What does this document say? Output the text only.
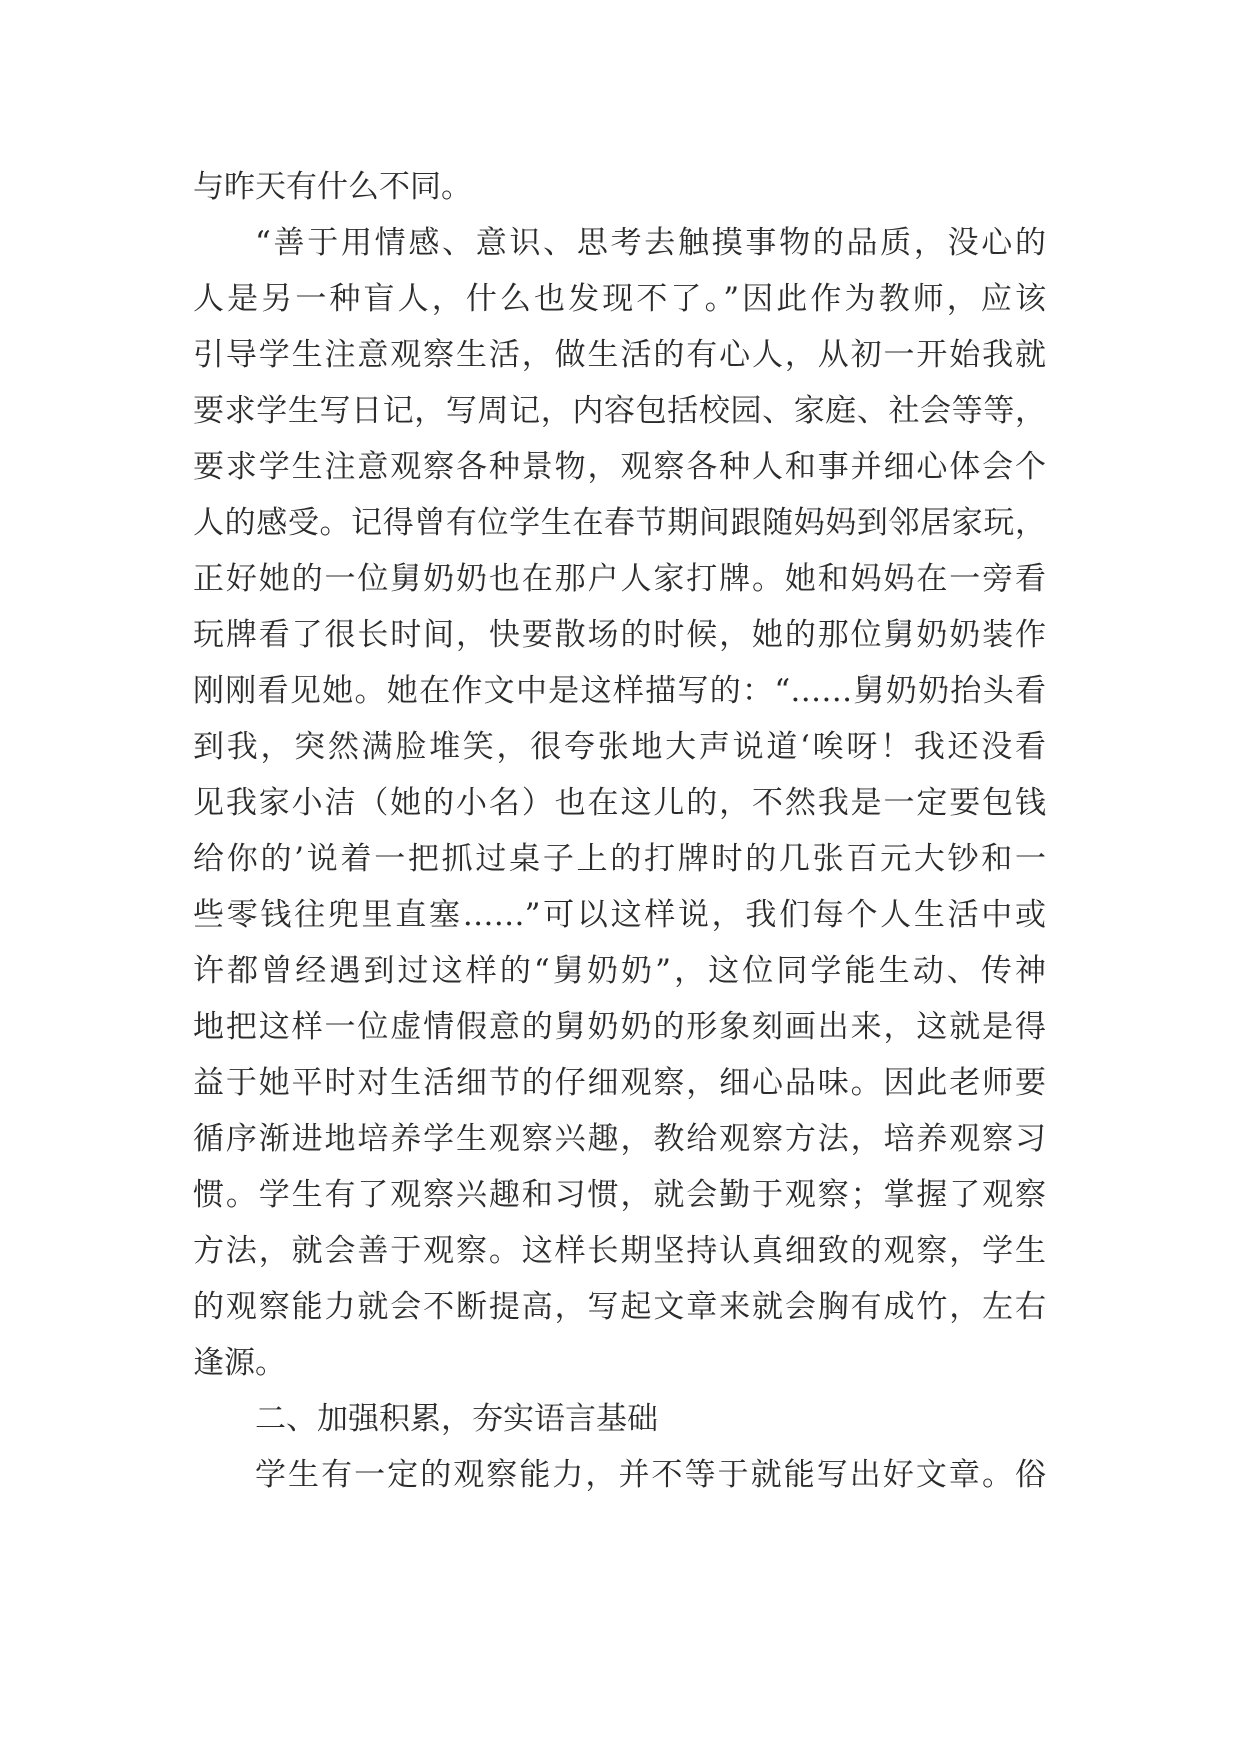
与昨天有什么不同。
“善于用情感、意识、思考去触摸事物的品质，没心的
人是另一种盲人，什么也发现不了。”因此作为教师，应该
引导学生注意观察生活，做生活的有心人，从初一开始我就
要求学生写日记，写周记，内容包括校园、家庭、社会等等，
要求学生注意观察各种景物，观察各种人和事并细心体会个
人的感受。记得曾有位学生在春节期间跟随妈妈到邻居家玩，
正好她的一位舅奶奶也在那户人家打牌。她和妈妈在一旁看
玩牌看了很长时间，快要散场的时候，她的那位舅奶奶装作
刚刚看见她。她在作文中是这样描写的：“……舅奶奶抬头看
到我，突然满脸堆笑，很夸张地大声说道‘唉呀！我还没看
见我家小洁（她的小名）也在这儿的，不然我是一定要包钱
给你的’说着一把抓过桌子上的打牌时的几张百元大钞和一
些零钱往兜里直塞……”可以这样说，我们每个人生活中或
许都曾经遇到过这样的“舅奶奶”，这位同学能生动、传神
地把这样一位虚情假意的舅奶奶的形象刻画出来，这就是得
益于她平时对生活细节的仔细观察，细心品味。因此老师要
循序渐进地培养学生观察兴趣，教给观察方法，培养观察习
惯。学生有了观察兴趣和习惯，就会勤于观察；掌握了观察
方法，就会善于观察。这样长期坚持认真细致的观察，学生
的观察能力就会不断提高，写起文章来就会胸有成竹，左右
逢源。
二、加强积累，夯实语言基础
学生有一定的观察能力，并不等于就能写出好文章。俗
